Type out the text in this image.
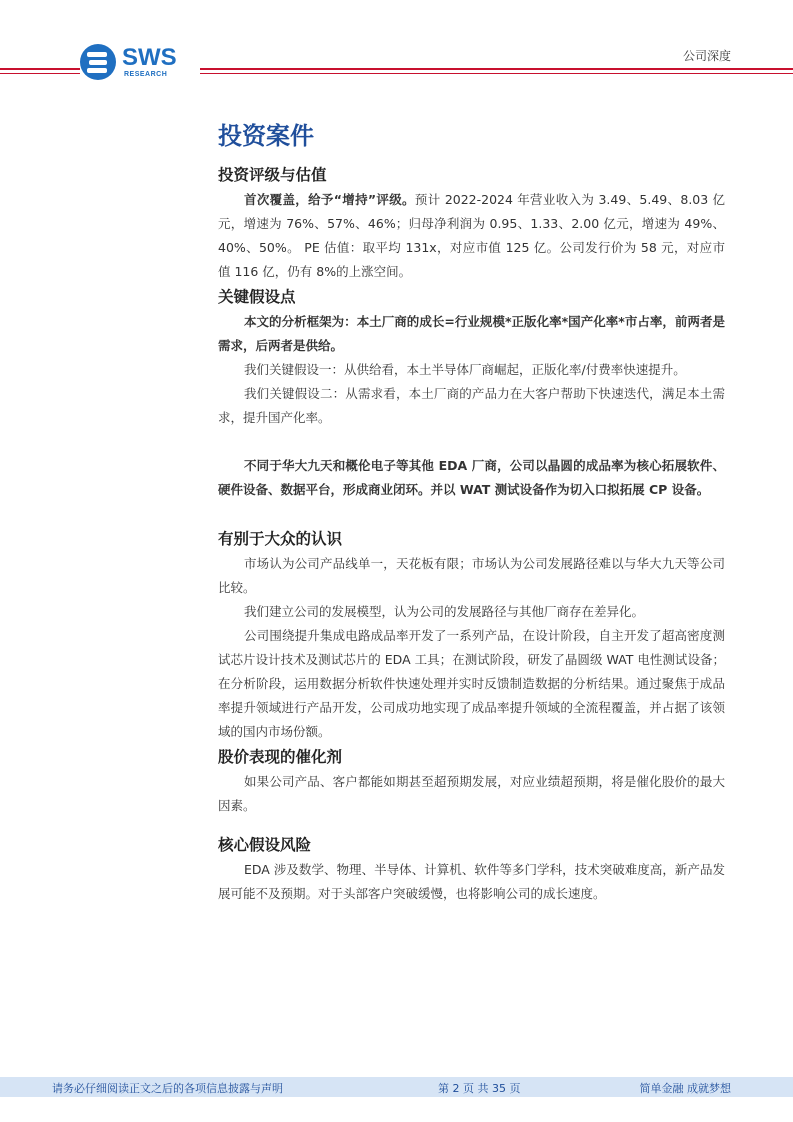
SWS
RESEARCH
公司深度
投资案件
投资评级与估值

首次覆盖，给予“增持”评级。预计 2022-2024 年营业收入为 3.49、5.49、8.03 亿元，增速为 76%、57%、46%；归母净利润为 0.95、1.33、2.00 亿元，增速为 49%、40%、50%。 PE 估值：取平均 131x，对应市值 125 亿。公司发行价为 58 元，对应市值 116 亿，仍有 8%的上涨空间。

关键假设点

本文的分析框架为：本土厂商的成长=行业规模*正版化率*国产化率*市占率，前两者是需求，后两者是供给。

我们关键假设一：从供给看，本土半导体厂商崛起，正版化率/付费率快速提升。

我们关键假设二：从需求看，本土厂商的产品力在大客户帮助下快速迭代，满足本土需求，提升国产化率。

不同于华大九天和概伦电子等其他 EDA 厂商，公司以晶圆的成品率为核心拓展软件、硬件设备、数据平台，形成商业闭环。并以 WAT 测试设备作为切入口拟拓展 CP 设备。

有别于大众的认识

市场认为公司产品线单一，天花板有限；市场认为公司发展路径难以与华大九天等公司比较。

我们建立公司的发展模型，认为公司的发展路径与其他厂商存在差异化。

公司围绕提升集成电路成品率开发了一系列产品，在设计阶段，自主开发了超高密度测试芯片设计技术及测试芯片的 EDA 工具；在测试阶段，研发了晶圆级 WAT 电性测试设备；在分析阶段，运用数据分析软件快速处理并实时反馈制造数据的分析结果。通过聚焦于成品率提升领域进行产品开发，公司成功地实现了成品率提升领域的全流程覆盖，并占据了该领域的国内市场份额。

股价表现的催化剂

如果公司产品、客户都能如期甚至超预期发展，对应业绩超预期，将是催化股价的最大因素。

核心假设风险

EDA 涉及数学、物理、半导体、计算机、软件等多门学科，技术突破难度高，新产品发展可能不及预期。对于头部客户突破缓慢，也将影响公司的成长速度。

请务必仔细阅读正文之后的各项信息披露与声明	第 2 页 共 35 页	简单金融 成就梦想
